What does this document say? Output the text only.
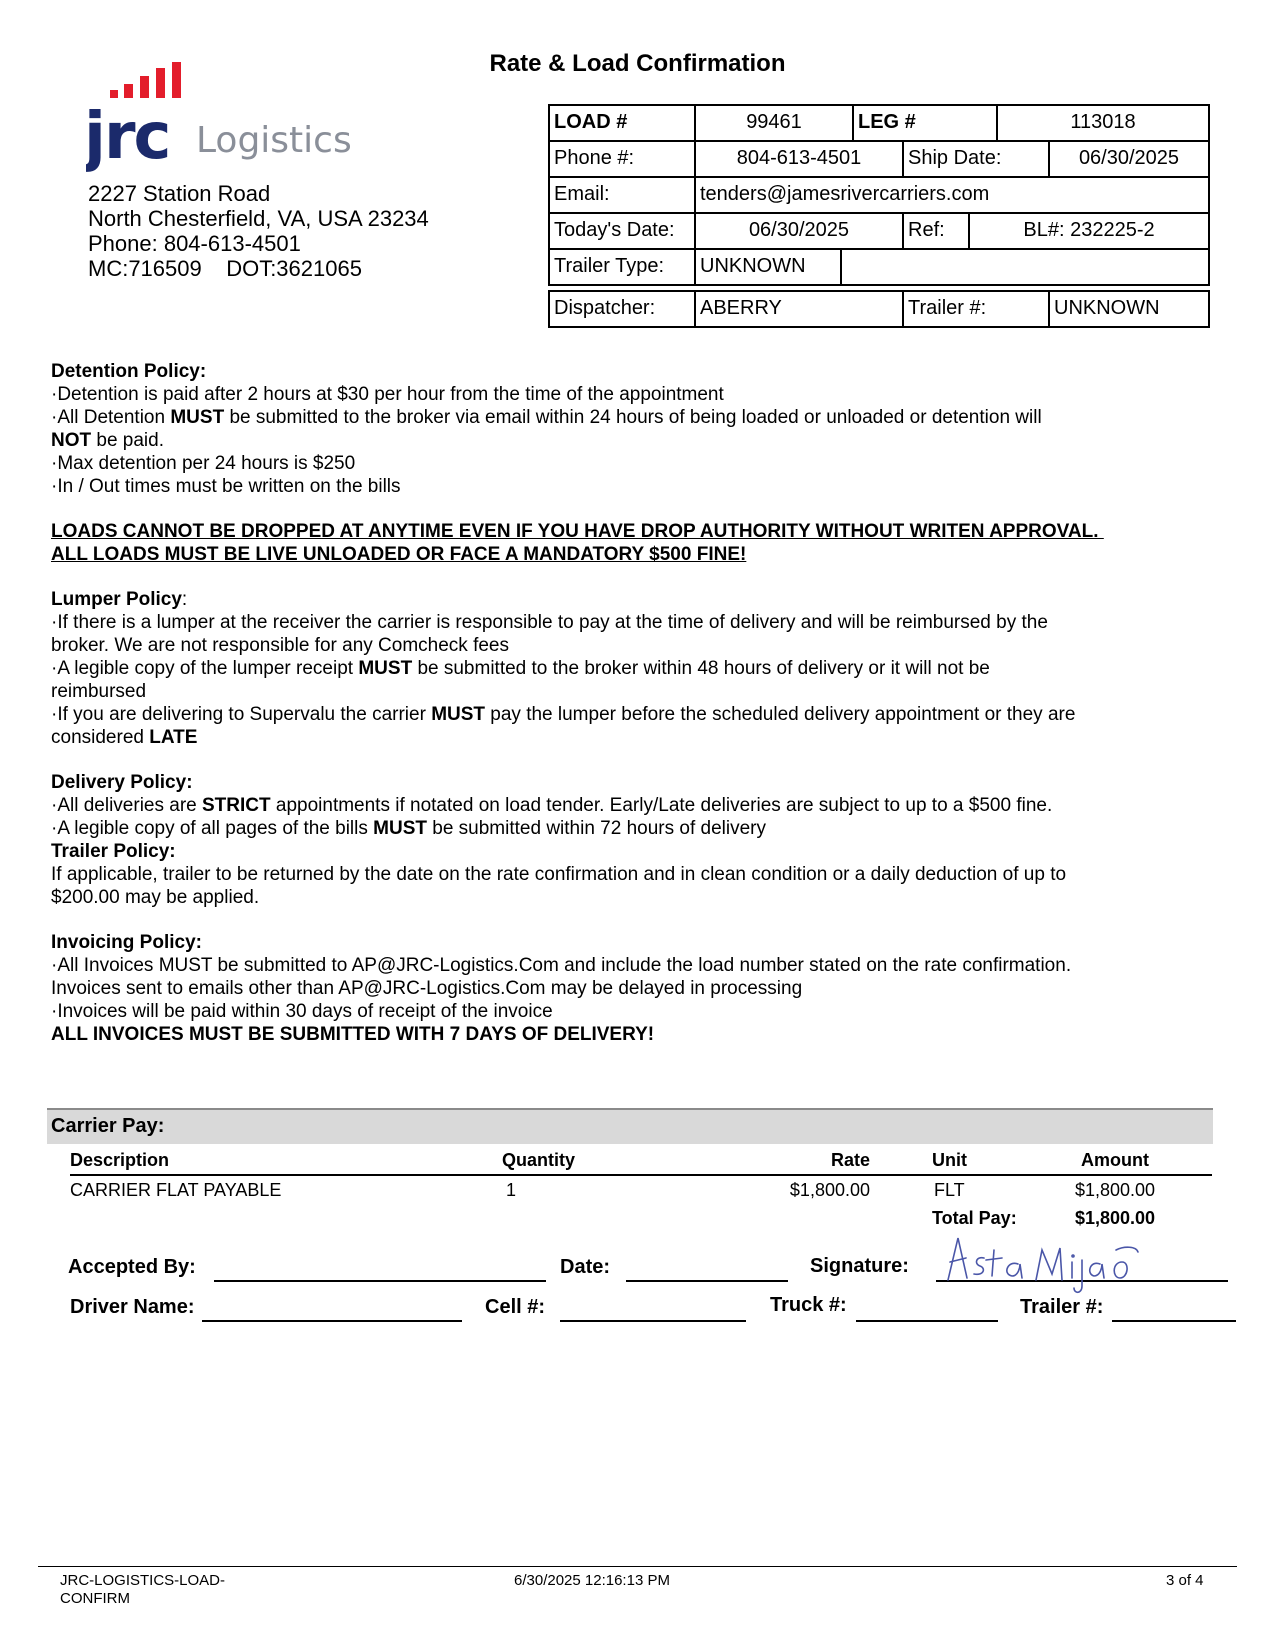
Rate & Load Confirmation
jrc Logistics
2227 Station Road
North Chesterfield, VA, USA 23234
Phone: 804-613-4501
MC:716509    DOT:3621065
LOAD #	99461	LEG #	113018
Phone #:	804-613-4501	Ship Date:	06/30/2025
Email:	tenders@jamesrivercarriers.com
Today's Date:	06/30/2025	Ref:	BL#: 232225-2
Trailer Type:	UNKNOWN
Dispatcher:	ABERRY	Trailer #:	UNKNOWN

Detention Policy:

·Detention is paid after 2 hours at $30 per hour from the time of the appointment

·All Detention MUST be submitted to the broker via email within 24 hours of being loaded or unloaded or detention will

NOT be paid.

·Max detention per 24 hours is $250

·In / Out times must be written on the bills

LOADS CANNOT BE DROPPED AT ANYTIME EVEN IF YOU HAVE DROP AUTHORITY WITHOUT WRITEN APPROVAL.

ALL LOADS MUST BE LIVE UNLOADED OR FACE A MANDATORY $500 FINE!

Lumper Policy:

·If there is a lumper at the receiver the carrier is responsible to pay at the time of delivery and will be reimbursed by the

broker. We are not responsible for any Comcheck fees

·A legible copy of the lumper receipt MUST be submitted to the broker within 48 hours of delivery or it will not be

reimbursed

·If you are delivering to Supervalu the carrier MUST pay the lumper before the scheduled delivery appointment or they are

considered LATE

Delivery Policy:

·All deliveries are STRICT appointments if notated on load tender. Early/Late deliveries are subject to up to a $500 fine.

·A legible copy of all pages of the bills MUST be submitted within 72 hours of delivery

Trailer Policy:

If applicable, trailer to be returned by the date on the rate confirmation and in clean condition or a daily deduction of up to

$200.00 may be applied.

Invoicing Policy:

·All Invoices MUST be submitted to AP@JRC-Logistics.Com and include the load number stated on the rate confirmation.

Invoices sent to emails other than AP@JRC-Logistics.Com may be delayed in processing

·Invoices will be paid within 30 days of receipt of the invoice

ALL INVOICES MUST BE SUBMITTED WITH 7 DAYS OF DELIVERY!

Carrier Pay:
Description	Quantity	Rate	Unit	Amount
CARRIER FLAT PAYABLE	1	$1,800.00	FLT	$1,800.00
Total Pay:	$1,800.00
Accepted By:	Date:	Signature:
Driver Name:	Cell #:	Truck #:	Trailer #:
JRC-LOGISTICS-LOAD-
CONFIRM
6/30/2025 12:16:13 PM	3 of 4
